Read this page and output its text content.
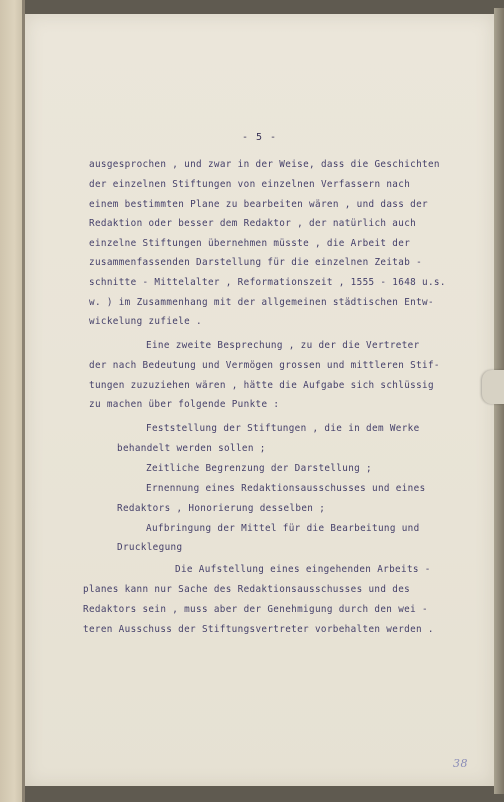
- 5 -
ausgesprochen , und zwar in der Weise, dass die Geschichten
der einzelnen Stiftungen von einzelnen Verfassern nach
einem bestimmten Plane zu bearbeiten wären , und dass der
Redaktion oder besser dem Redaktor , der natürlich auch
einzelne Stiftungen übernehmen müsste , die Arbeit der
zusammenfassenden Darstellung für die einzelnen Zeitab -
schnitte - Mittelalter , Reformationszeit , 1555 - 1648 u.s.
w. ) im Zusammenhang mit der allgemeinen städtischen Entw-
wickelung zufiele .
Eine zweite Besprechung , zu der die Vertreter
der nach Bedeutung und Vermögen grossen und mittleren Stif-
tungen zuzuziehen wären , hätte die Aufgabe sich schlüssig
zu machen über folgende Punkte :
Feststellung der Stiftungen , die in dem Werke
behandelt werden sollen ;
Zeitliche Begrenzung der Darstellung ;
Ernennung eines Redaktionsausschusses und eines
Redaktors , Honorierung desselben ;
Aufbringung der Mittel für die Bearbeitung und
Drucklegung
Die Aufstellung eines eingehenden Arbeits -
planes kann nur Sache des Redaktionsausschusses und des
Redaktors sein , muss aber der Genehmigung durch den wei -
teren Ausschuss der Stiftungsvertreter vorbehalten werden .
38
